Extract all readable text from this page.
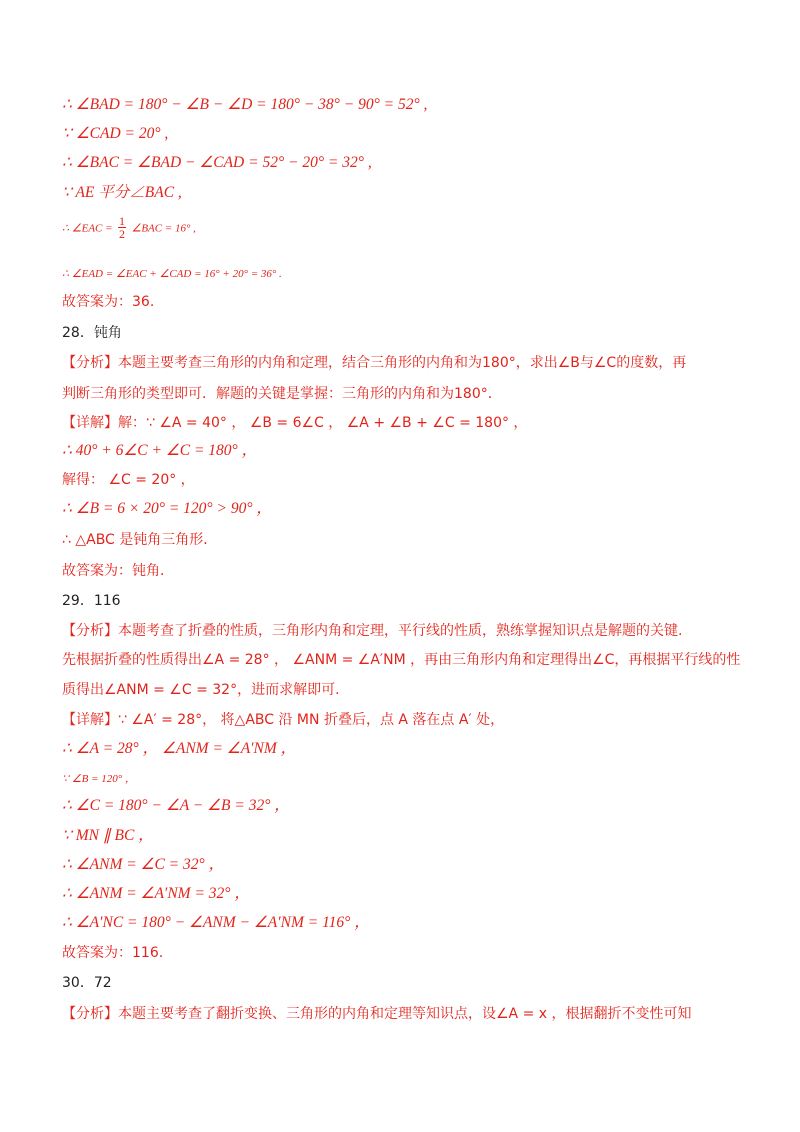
∴ ∠BAD = 180° − ∠B − ∠D = 180° − 38° − 90° = 52° ,
∵ ∠CAD = 20° ,
∴ ∠BAC = ∠BAD − ∠CAD = 52° − 20° = 32° ,
∵ AE 平分∠BAC ,
∴ ∠EAC = $\frac{1}{2}$ ∠BAC = 16° ,
∴ ∠EAD = ∠EAC + ∠CAD = 16° + 20° = 36° .
故答案为：36.
28．钝角
【分析】本题主要考查三角形的内角和定理，结合三角形的内角和为180°，求出∠B与∠C的度数，再
判断三角形的类型即可．解题的关键是掌握：三角形的内角和为180°．
【详解】解：∵ ∠A = 40° ， ∠B = 6∠C ， ∠A + ∠B + ∠C = 180° ，
∴ 40° + 6∠C + ∠C = 180° ，
解得： ∠C = 20° ，
∴ ∠B = 6 × 20° = 120° > 90° ，
∴ △ABC 是钝角三角形．
故答案为：钝角．
29．116
【分析】本题考查了折叠的性质，三角形内角和定理，平行线的性质，熟练掌握知识点是解题的关键.
先根据折叠的性质得出∠A = 28° ， ∠ANM = ∠A′NM ，再由三角形内角和定理得出∠C，再根据平行线的性
质得出∠ANM = ∠C = 32°，进而求解即可.
【详解】∵ ∠A′ = 28°， 将△ABC 沿 MN 折叠后，点 A 落在点 A′ 处，
∴ ∠A = 28° ， ∠ANM = ∠A′NM ，
∵ ∠B = 120° ，
∴ ∠C = 180° − ∠A − ∠B = 32° ，
∵ MN ∥ BC ，
∴ ∠ANM = ∠C = 32° ，
∴ ∠ANM = ∠A′NM = 32° ，
∴ ∠A′NC = 180° − ∠ANM − ∠A′NM = 116° ，
故答案为：116.
30．72
【分析】本题主要考查了翻折变换、三角形的内角和定理等知识点，设∠A = x ，根据翻折不变性可知
